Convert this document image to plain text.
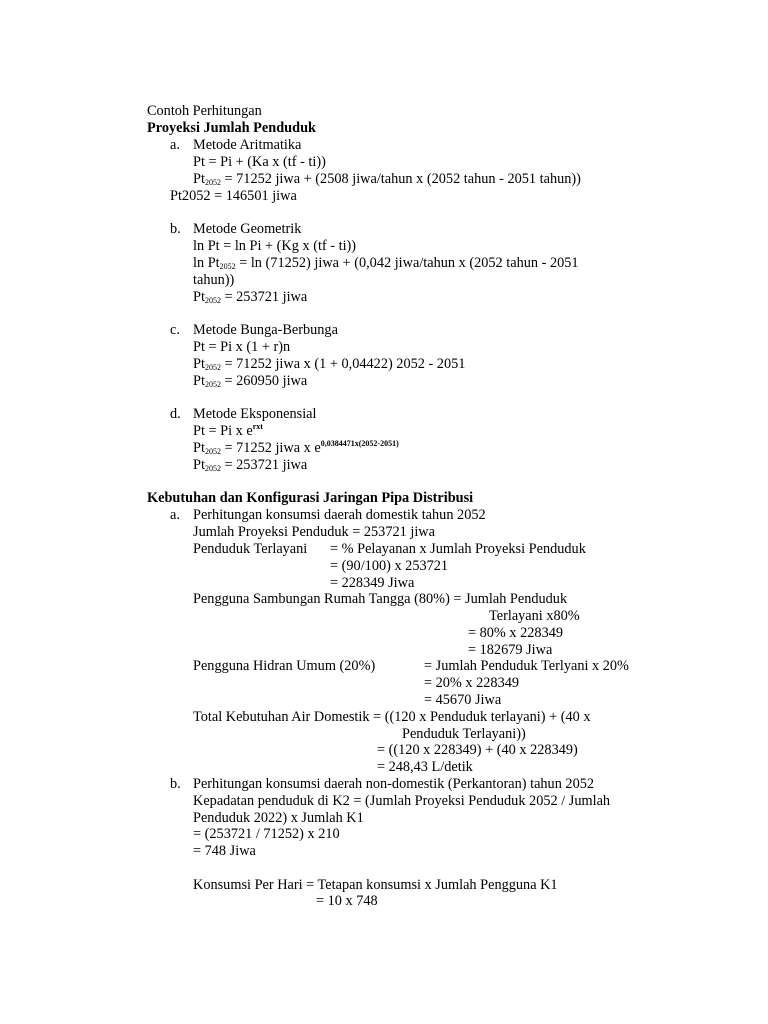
Contoh Perhitungan
Proyeksi Jumlah Penduduk
a. Metode Aritmatika
Pt = Pi + (Ka x (tf - ti))
$Pt_{2052} = 71252$ jiwa + (2508 jiwa/tahun x (2052 tahun - 2051 tahun))
Pt2052 = 146501 jiwa
b. Metode Geometrik
ln Pt = ln Pi + (Kg x (tf - ti))
$\ln Pt_{2052} = \ln (71252)$ jiwa + (0,042 jiwa/tahun x (2052 tahun - 2051
tahun))
$Pt_{2052} = 253721$ jiwa
c. Metode Bunga-Berbunga
Pt = Pi x (1 + r)n
$Pt_{2052} = 71252$ jiwa x (1 + 0,04422) 2052 - 2051
$Pt_{2052} = 260950$ jiwa
d. Metode Eksponensial
Pt = Pi x $e^{rxt}$
$Pt_{2052} = 71252$ jiwa x $e^{0,0384471x(2052-2051)}$
$Pt_{2052} = 253721$ jiwa
Kebutuhan dan Konfigurasi Jaringan Pipa Distribusi
a. Perhitungan konsumsi daerah domestik tahun 2052
Jumlah Proyeksi Penduduk = 253721 jiwa
Penduduk Terlayani = % Pelayanan x Jumlah Proyeksi Penduduk
= (90/100) x 253721
= 228349 Jiwa
Pengguna Sambungan Rumah Tangga (80%) = Jumlah Penduduk
Terlayani x80%
= 80% x 228349
= 182679 Jiwa
Pengguna Hidran Umum (20%)	= Jumlah Penduduk Terlyani x 20%
= 20% x 228349
= 45670 Jiwa
Total Kebutuhan Air Domestik = ((120 x Penduduk terlayani) + (40 x
Penduduk Terlayani))
= ((120 x 228349) + (40 x 228349)
= 248,43 L/detik
b. Perhitungan konsumsi daerah non-domestik (Perkantoran) tahun 2052
Kepadatan penduduk di K2 = (Jumlah Proyeksi Penduduk 2052 / Jumlah
Penduduk 2022) x Jumlah K1
= (253721 / 71252) x 210
= 748 Jiwa
Konsumsi Per Hari = Tetapan konsumsi x Jumlah Pengguna K1
= 10 x 748
